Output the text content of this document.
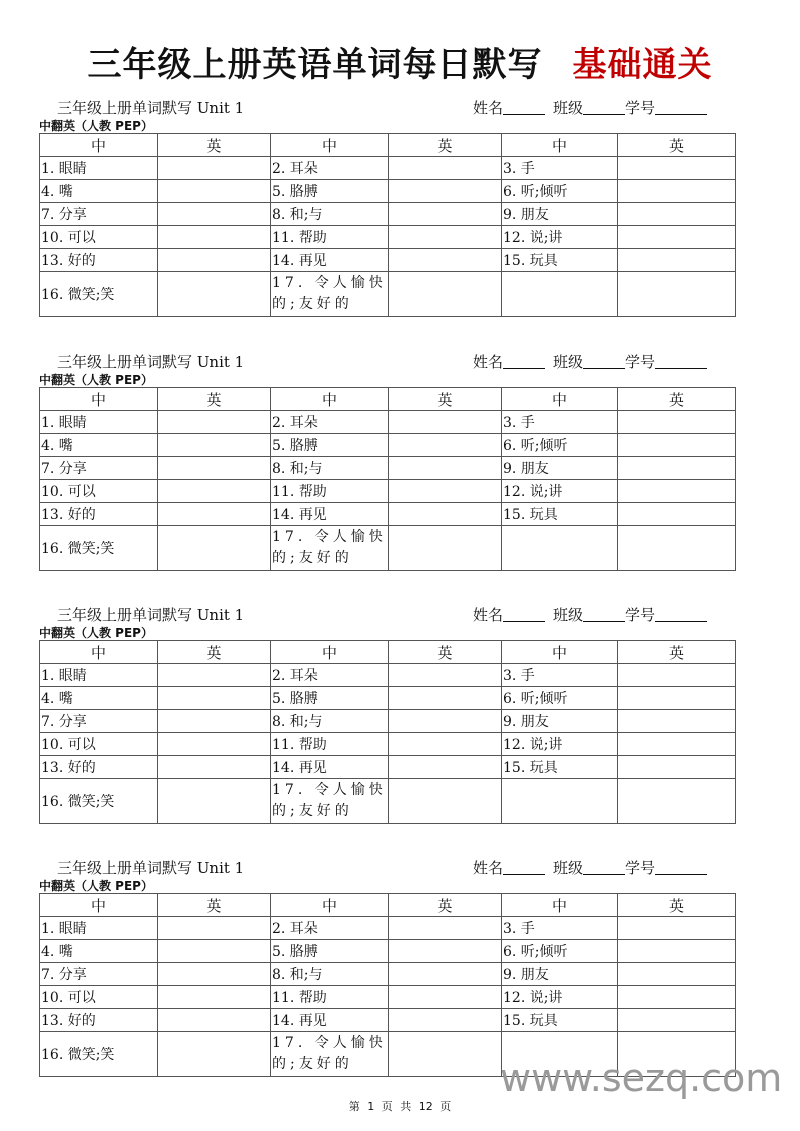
三年级上册英语单词每日默写 基础通关
三年级上册单词默写 Unit 1	姓名	班级	学号
中翻英（人教 PEP）
中	英	中	英	中	英
1. 眼睛		2. 耳朵		3. 手	
4. 嘴		5. 胳膊		6. 听;倾听	
7. 分享		8. 和;与		9. 朋友	
10. 可以		11. 帮助		12. 说;讲	
13. 好的		14. 再见		15. 玩具	
16. 微笑;笑		17. 令人愉快的;友好的			
三年级上册单词默写 Unit 1	姓名	班级	学号
中翻英（人教 PEP）
中	英	中	英	中	英
1. 眼睛		2. 耳朵		3. 手	
4. 嘴		5. 胳膊		6. 听;倾听	
7. 分享		8. 和;与		9. 朋友	
10. 可以		11. 帮助		12. 说;讲	
13. 好的		14. 再见		15. 玩具	
16. 微笑;笑		17. 令人愉快的;友好的			
三年级上册单词默写 Unit 1	姓名	班级	学号
中翻英（人教 PEP）
中	英	中	英	中	英
1. 眼睛		2. 耳朵		3. 手	
4. 嘴		5. 胳膊		6. 听;倾听	
7. 分享		8. 和;与		9. 朋友	
10. 可以		11. 帮助		12. 说;讲	
13. 好的		14. 再见		15. 玩具	
16. 微笑;笑		17. 令人愉快的;友好的			
三年级上册单词默写 Unit 1	姓名	班级	学号
中翻英（人教 PEP）
中	英	中	英	中	英
1. 眼睛		2. 耳朵		3. 手	
4. 嘴		5. 胳膊		6. 听;倾听	
7. 分享		8. 和;与		9. 朋友	
10. 可以		11. 帮助		12. 说;讲	
13. 好的		14. 再见		15. 玩具	
16. 微笑;笑		17. 令人愉快的;友好的				www.sezq.com
第 1 页 共 12 页
